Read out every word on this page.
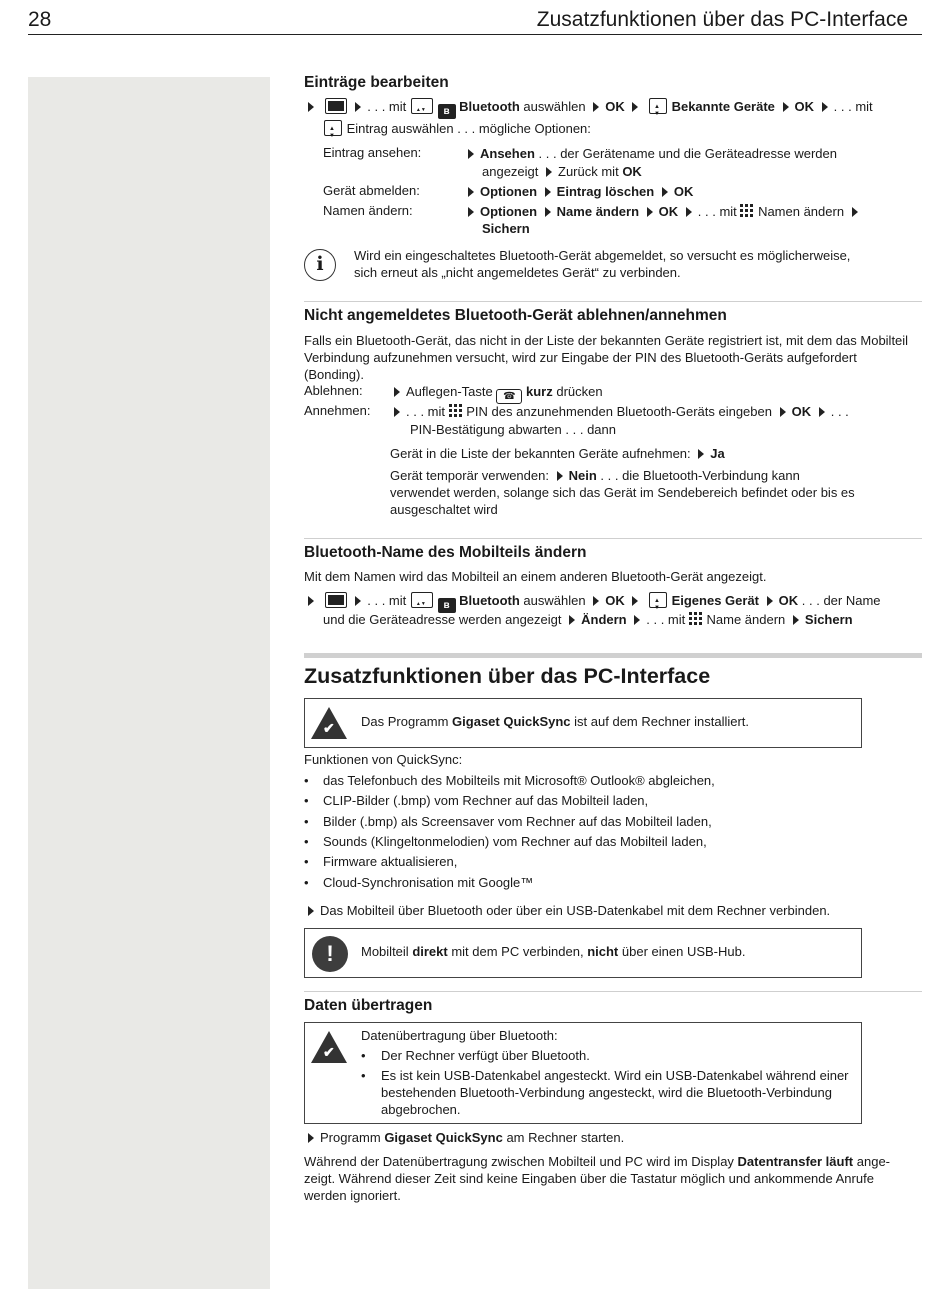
28	Zusatzfunktionen über das PC-Interface
Einträge bearbeiten
. . . mit ▲▼	ʙ Bluetooth auswählen OK ▲ ▼	Bekannte Geräte OK . . . mit
▲ ▼ Eintrag auswählen . . . mögliche Optionen:
Eintrag ansehen:	Ansehen . . . der Gerätename und die Geräteadresse werden
angezeigt Zurück mit OK
Gerät abmelden:	Optionen Eintrag löschen OK
Namen ändern:	Optionen Name ändern OK . . . mit Namen ändern
Sichern
i	Wird ein eingeschaltetes Bluetooth-Gerät abgemeldet, so versucht es möglicherweise,
sich erneut als „nicht angemeldetes Gerät“ zu verbinden.
Nicht angemeldetes Bluetooth-Gerät ablehnen/annehmen
Falls ein Bluetooth-Gerät, das nicht in der Liste der bekannten Geräte registriert ist, mit dem das Mobilteil
Verbindung aufzunehmen versucht, wird zur Eingabe der PIN des Bluetooth-Geräts aufgefordert
(Bonding).
Ablehnen:	Auflegen-Taste ☎ kurz drücken
Annehmen:	. . . mit PIN des anzunehmenden Bluetooth-Geräts eingeben OK . . .
PIN-Bestätigung abwarten . . . dann
Gerät in die Liste der bekannten Geräte aufnehmen: Ja
Gerät temporär verwenden: Nein . . . die Bluetooth-Verbindung kann
verwendet werden, solange sich das Gerät im Sendebereich befindet oder bis es
ausgeschaltet wird
Bluetooth-Name des Mobilteils ändern
Mit dem Namen wird das Mobilteil an einem anderen Bluetooth-Gerät angezeigt.
. . . mit ▲▼	ʙ Bluetooth auswählen OK ▲ ▼	Eigenes Gerät OK . . . der Name
und die Geräteadresse werden angezeigt Ändern . . . mit Name ändern Sichern
Zusatzfunktionen über das PC-Interface
✔ Das Programm Gigaset QuickSync ist auf dem Rechner installiert.
Funktionen von QuickSync:
• das Telefonbuch des Mobilteils mit Microsoft® Outlook® abgleichen,
• CLIP-Bilder (.bmp) vom Rechner auf das Mobilteil laden,
• Bilder (.bmp) als Screensaver vom Rechner auf das Mobilteil laden,
• Sounds (Klingeltonmelodien) vom Rechner auf das Mobilteil laden,
• Firmware aktualisieren,
• Cloud-Synchronisation mit Google™
Das Mobilteil über Bluetooth oder über ein USB-Datenkabel mit dem Rechner verbinden.
!	Mobilteil direkt mit dem PC verbinden, nicht über einen USB-Hub.
Daten übertragen
✔
Datenübertragung über Bluetooth:
• Der Rechner verfügt über Bluetooth.
• Es ist kein USB-Datenkabel angesteckt. Wird ein USB-Datenkabel während einer
bestehenden Bluetooth-Verbindung angesteckt, wird die Bluetooth-Verbindung
abgebrochen.
Programm Gigaset QuickSync am Rechner starten.
Während der Datenübertragung zwischen Mobilteil und PC wird im Display Datentransfer läuft ange-
zeigt. Während dieser Zeit sind keine Eingaben über die Tastatur möglich und ankommende Anrufe
werden ignoriert.
